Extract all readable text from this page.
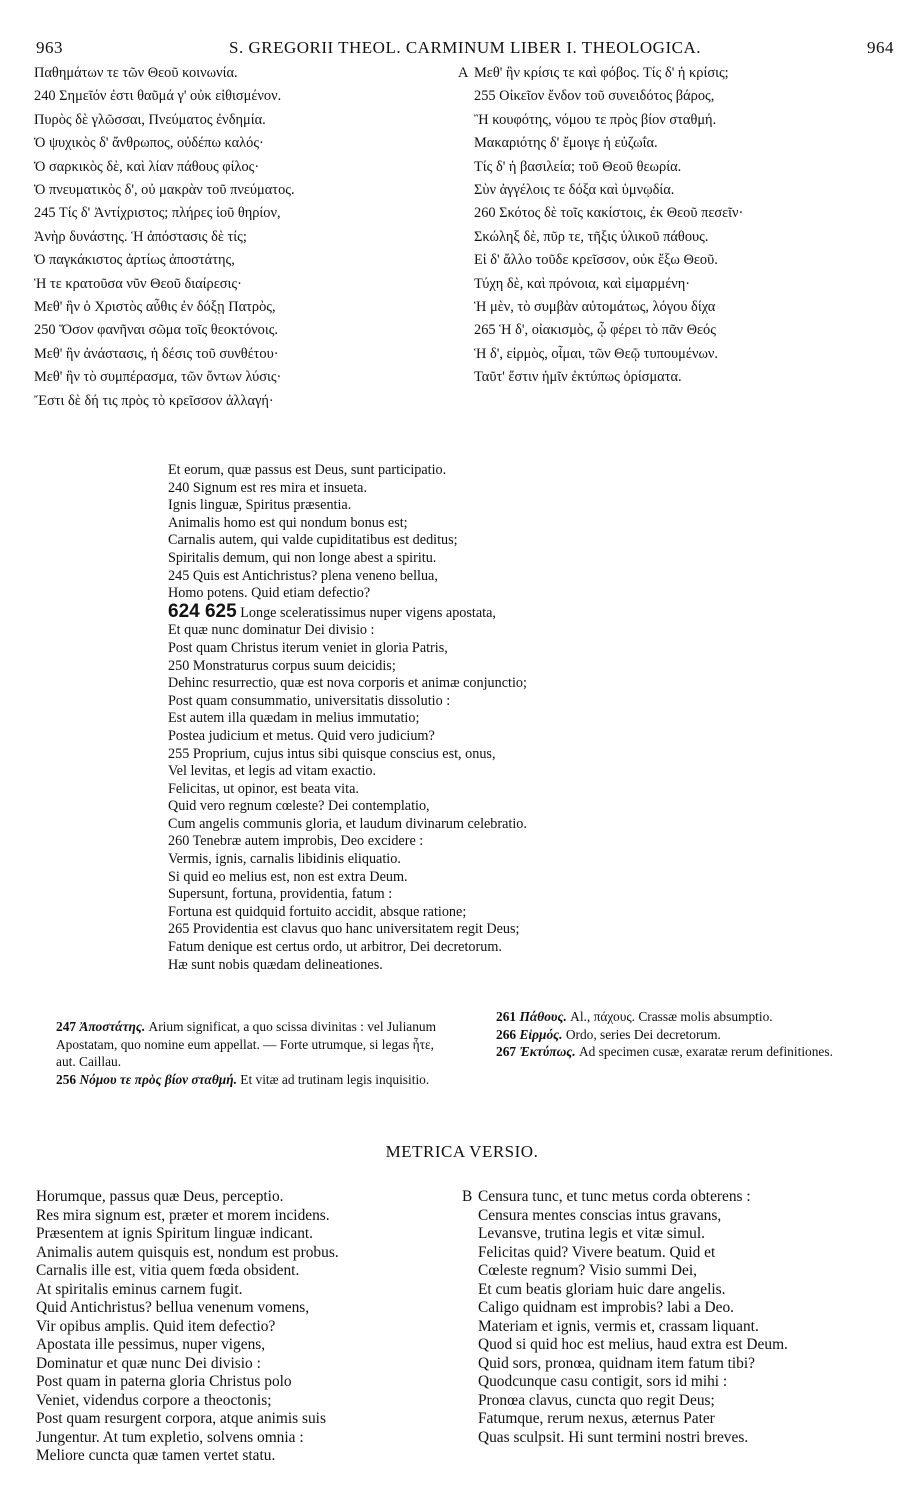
963	S. GREGORII THEOL. CARMINUM LIBER I. THEOLOGICA.	964
Παθημάτων τε τῶν Θεοῦ κοινωνία.
240 Σημεῖόν ἐστι θαῦμά γ' οὐκ εἰθισμένον.
Πυρὸς δὲ γλῶσσαι, Πνεύματος ἐνδημία.
Ὁ ψυχικὸς δ' ἄνθρωπος, οὐδέπω καλός·
Ὁ σαρκικὸς δὲ, καὶ λίαν πάθους φίλος·
Ὁ πνευματικὸς δ', οὐ μακρὰν τοῦ πνεύματος.
245 Τίς δ' Ἀντίχριστος; πλήρες ἰοῦ θηρίον,
Ἀνὴρ δυνάστης. Ἡ ἀπόστασις δὲ τίς;
Ὁ παγκάκιστος ἀρτίως ἀποστάτης,
Ἡ τε κρατοῦσα νῦν Θεοῦ διαίρεσις·
Μεθ' ἣν ὁ Χριστὸς αὖθις ἐν δόξῃ Πατρὸς,
250 Ὅσον φανῆναι σῶμα τοῖς θεοκτόνοις.
Μεθ' ἣν ἀνάστασις, ἡ δέσις τοῦ συνθέτου·
Μεθ' ἣν τὸ συμπέρασμα, τῶν ὄντων λύσις·
Ἔστι δὲ δή τις πρὸς τὸ κρεῖσσον ἀλλαγή·
A Μεθ' ἣν κρίσις τε καὶ φόβος. Τίς δ' ἡ κρίσις;
255 Οἰκεῖον ἔνδον τοῦ συνειδότος βάρος,
Ἢ κουφότης, νόμου τε πρὸς βίον σταθμή.
Μακαριότης δ' ἔμοιγε ἡ εὐζωΐα.
Τίς δ' ἡ βασιλεία; τοῦ Θεοῦ θεωρία.
Σὺν ἀγγέλοις τε δόξα καὶ ὑμνῳδία.
260 Σκότος δὲ τοῖς κακίστοις, ἐκ Θεοῦ πεσεῖν·
Σκώληξ δὲ, πῦρ τε, τῆξις ὑλικοῦ πάθους.
Εἰ δ' ἄλλο τοῦδε κρεῖσσον, οὐκ ἔξω Θεοῦ.
Τύχη δὲ, καὶ πρόνοια, καὶ εἱμαρμένη·
Ἡ μὲν, τὸ συμβὰν αὐτομάτως, λόγου δίχα
265 Ἡ δ', οἰακισμὸς, ᾧ φέρει τὸ πᾶν Θεός
Ἡ δ', εἱρμὸς, οἶμαι, τῶν Θεῷ τυπουμένων.
Ταῦτ' ἔστιν ἡμῖν ἐκτύπως ὁρίσματα.
Et eorum, quæ passus est Deus, sunt participatio.
240 Signum est res mira et insueta.
Ignis linguæ, Spiritus præsentia.
Animalis homo est qui nondum bonus est;
Carnalis autem, qui valde cupiditatibus est deditus;
Spiritalis demum, qui non longe abest a spiritu.
245 Quis est Antichristus? plena veneno bellua,
Homo potens. Quid etiam defectio?
624 625 Longe sceleratissimus nuper vigens apostata,
Et quæ nunc dominatur Dei divisio :
Post quam Christus iterum veniet in gloria Patris,
250 Monstraturus corpus suum deicidis;
Dehinc resurrectio, quæ est nova corporis et animæ conjunctio;
Post quam consummatio, universitatis dissolutio :
Est autem illa quædam in melius immutatio;
Postea judicium et metus. Quid vero judicium?
255 Proprium, cujus intus sibi quisque conscius est, onus,
Vel levitas, et legis ad vitam exactio.
Felicitas, ut opinor, est beata vita.
Quid vero regnum cœleste? Dei contemplatio,
Cum angelis communis gloria, et laudum divinarum celebratio.
260 Tenebræ autem improbis, Deo excidere :
Vermis, ignis, carnalis libidinis eliquatio.
Si quid eo melius est, non est extra Deum.
Supersunt, fortuna, providentia, fatum :
Fortuna est quidquid fortuito accidit, absque ratione;
265 Providentia est clavus quo hanc universitatem regit Deus;
Fatum denique est certus ordo, ut arbitror, Dei decretorum.
Hæ sunt nobis quædam delineationes.
247 Ἀποστάτης. Arium significat, a quo scissa divinitas : vel Julianum Apostatam, quo nomine eum appellat. — Forte utrumque, si legas ἦτε, aut. Caillau.
256 Νόμου τε πρὸς βίον σταθμή. Et vitæ ad trutinam legis inquisitio.
261 Πάθους. Al., πάχους. Crassæ molis absumptio.
266 Εἱρμός. Ordo, series Dei decretorum.
267 Ἐκτύπως. Ad specimen cusæ, exaratæ rerum definitiones.
METRICA VERSIO.
Horumque, passus quæ Deus, perceptio.
Res mira signum est, præter et morem incidens.
Præsentem at ignis Spiritum linguæ indicant.
Animalis autem quisquis est, nondum est probus.
Carnalis ille est, vitia quem fœda obsident.
At spiritalis eminus carnem fugit.
Quid Antichristus? bellua venenum vomens,
Vir opibus amplis. Quid item defectio?
Apostata ille pessimus, nuper vigens,
Dominatur et quæ nunc Dei divisio :
Post quam in paterna gloria Christus polo
Veniet, videndus corpore a theoctonis;
Post quam resurgent corpora, atque animis suis
Jungentur. At tum expletio, solvens omnia :
Meliore cuncta quæ tamen vertet statu.
B Censura tunc, et tunc metus corda obterens :
Censura mentes conscias intus gravans,
Levansve, trutina legis et vitæ simul.
Felicitas quid? Vivere beatum. Quid et
Cœleste regnum? Visio summi Dei,
Et cum beatis gloriam huic dare angelis.
Caligo quidnam est improbis? labi a Deo.
Materiam et ignis, vermis et, crassam liquant.
Quod si quid hoc est melius, haud extra est Deum.
Quid sors, pronœa, quidnam item fatum tibi?
Quodcunque casu contigit, sors id mihi :
Pronœa clavus, cuncta quo regit Deus;
Fatumque, rerum nexus, æternus Pater
Quas sculpsit. Hi sunt termini nostri breves.
